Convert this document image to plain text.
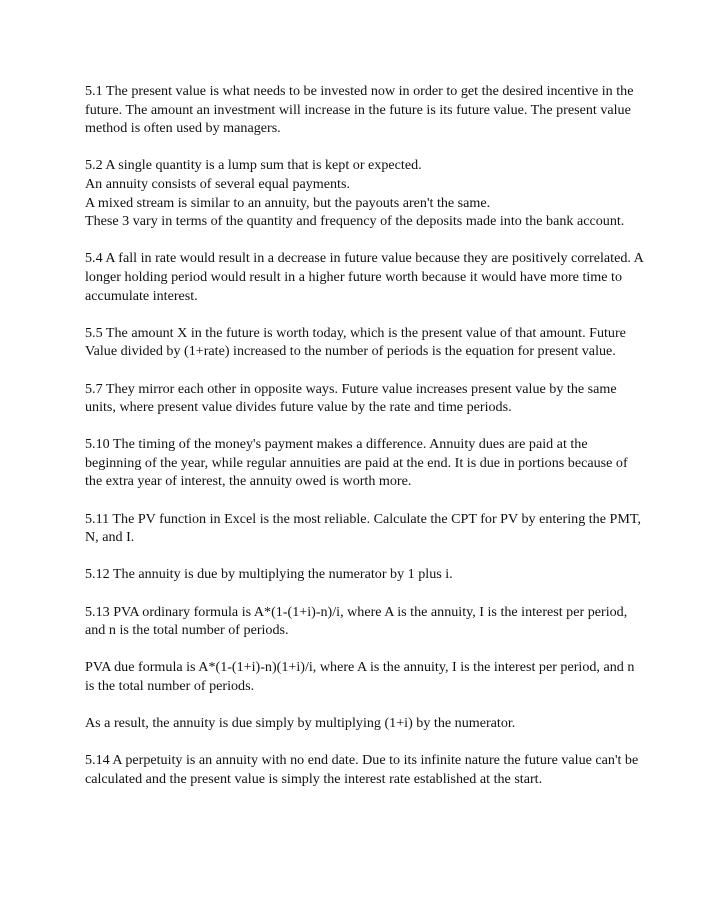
5.1 The present value is what needs to be invested now in order to get the desired incentive in the future. The amount an investment will increase in the future is its future value. The present value method is often used by managers.

5.2 A single quantity is a lump sum that is kept or expected.
An annuity consists of several equal payments.
A mixed stream is similar to an annuity, but the payouts aren't the same.
These 3 vary in terms of the quantity and frequency of the deposits made into the bank account.

5.4 A fall in rate would result in a decrease in future value because they are positively correlated. A longer holding period would result in a higher future worth because it would have more time to accumulate interest.

5.5 The amount X in the future is worth today, which is the present value of that amount. Future Value divided by (1+rate) increased to the number of periods is the equation for present value.

5.7 They mirror each other in opposite ways. Future value increases present value by the same units, where present value divides future value by the rate and time periods.

5.10 The timing of the money's payment makes a difference. Annuity dues are paid at the beginning of the year, while regular annuities are paid at the end. It is due in portions because of the extra year of interest, the annuity owed is worth more.

5.11 The PV function in Excel is the most reliable. Calculate the CPT for PV by entering the PMT, N, and I.

5.12 The annuity is due by multiplying the numerator by 1 plus i.

5.13 PVA ordinary formula is A*(1-(1+i)-n)/i, where A is the annuity, I is the interest per period, and n is the total number of periods.

PVA due formula is A*(1-(1+i)-n)(1+i)/i, where A is the annuity, I is the interest per period, and n is the total number of periods.

As a result, the annuity is due simply by multiplying (1+i) by the numerator.

5.14 A perpetuity is an annuity with no end date. Due to its infinite nature the future value can't be calculated and the present value is simply the interest rate established at the start.
